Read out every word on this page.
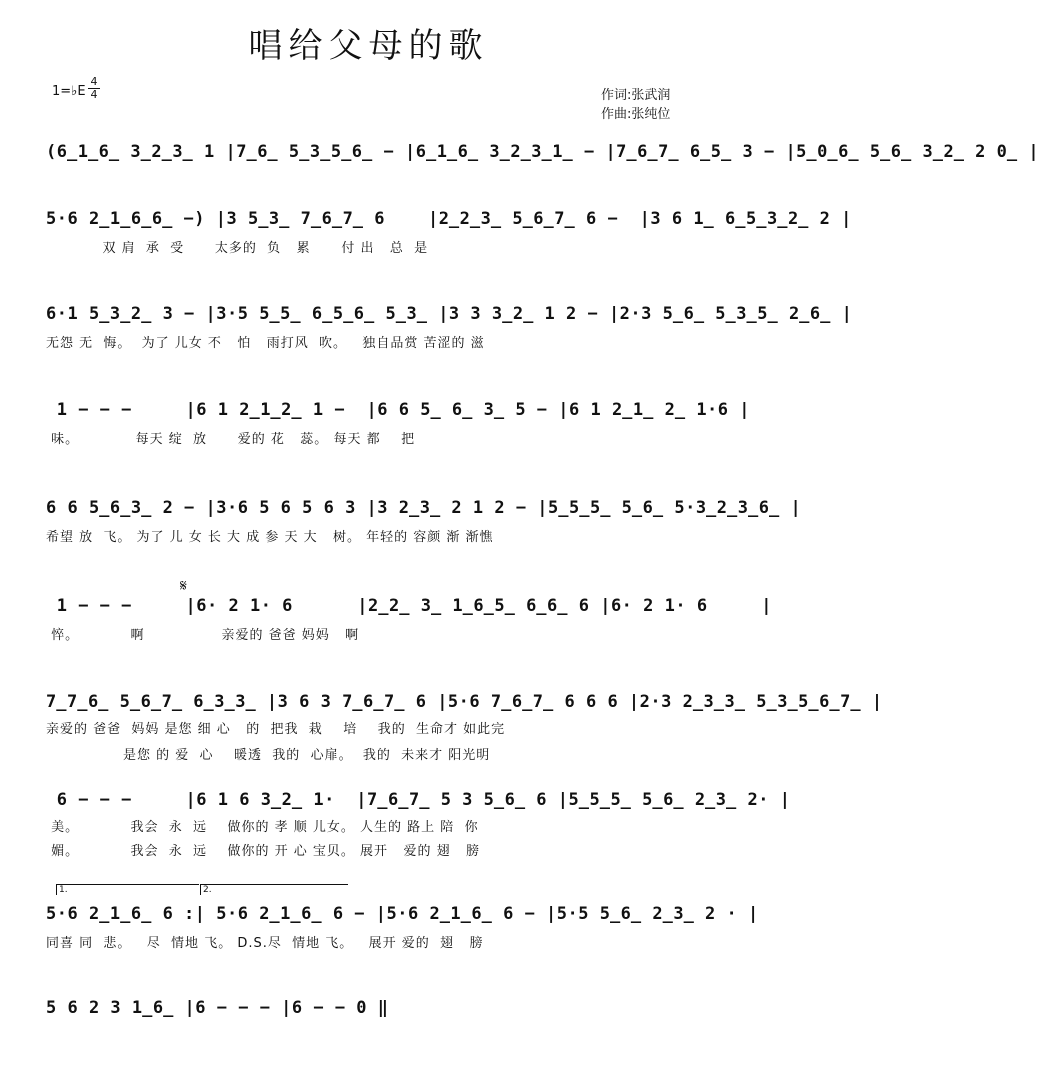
唱给父母的歌
1=♭E
4
4	作词:张武润
作曲:张纯位
(6̲1̲6̲ 3̲2̲3̲ 1 |7̲6̲ 5̲3̲5̲6̲ − |6̲1̲6̲ 3̲2̲3̲1̲ − |7̲6̲7̲ 6̲5̲ 3 − |5̲0̲6̲ 5̲6̲ 3̲2̲ 2 0̲ |
5·6 2̲1̲6̲6̲ −) |3 5̲3̲ 7̲6̲7̲ 6    |2̲2̲3̲ 5̲6̲7̲ 6 −  |3 6 1̲ 6̲5̲3̲2̲ 2 |
双 肩  承  受      太多的  负   累      付 出   总  是
6·1 5̲3̲2̲ 3 − |3·5 5̲5̲ 6̲5̲6̲ 5̲3̲ |3 3 3̲2̲ 1 2 − |2·3 5̲6̲ 5̲3̲5̲ 2̲6̲ |
无怨 无  悔。  为了 儿女 不   怕   雨打风  吹。   独自品赏 苦涩的 滋
1 − − −     |6 1 2̲1̲2̲ 1 −  |6 6 5̲ 6̲ 3̲ 5 − |6 1 2̲1̲ 2̲ 1·6 |
味。           每天 绽  放      爱的 花   蕊。 每天 都    把
6 6 5̲6̲3̲ 2 − |3·6 5 6 5 6 3 |3 2̲3̲ 2 1 2 − |5̲5̲5̲ 5̲6̲ 5·3̲2̲3̲6̲ |
希望 放  飞。 为了 儿 女 长 大 成 参 天 大   树。 年轻的 容颜 渐 渐憔
1 − − −     |6· 2 1· 6      |2̲2̲ 3̲ 1̲6̲5̲ 6̲6̲ 6 |6· 2 1· 6     |
悴。          啊               亲爱的 爸爸 妈妈   啊
𝄋
7̲7̲6̲ 5̲6̲7̲ 6̲3̲3̲ |3 6 3 7̲6̲7̲ 6 |5·6 7̲6̲7̲ 6 6 6 |2·3 2̲3̲3̲ 5̲3̲5̲6̲7̲ |
亲爱的 爸爸  妈妈 是您 细 心   的  把我  栽    培    我的  生命才 如此完
是您 的 爱  心    暖透  我的  心扉。  我的  未来才 阳光明
6 − − −     |6 1 6 3̲2̲ 1·  |7̲6̲7̲ 5 3 5̲6̲ 6 |5̲5̲5̲ 5̲6̲ 2̲3̲ 2· |
美。          我会  永  远    做你的 孝 顺 儿女。 人生的 路上 陪  你
媚。          我会  永  远    做你的 开 心 宝贝。 展开   爱的 翅   膀
1.	2.
5·6 2̲1̲6̲ 6 :| 5·6 2̲1̲6̲ 6 − |5·6 2̲1̲6̲ 6 − |5·5 5̲6̲ 2̲3̲ 2 · |
同喜 同  悲。   尽  情地 飞。 D.S.尽  情地 飞。   展开 爱的  翅   膀
5 6 2 3 1̲6̲ |6 − − − |6 − − 0 ‖
